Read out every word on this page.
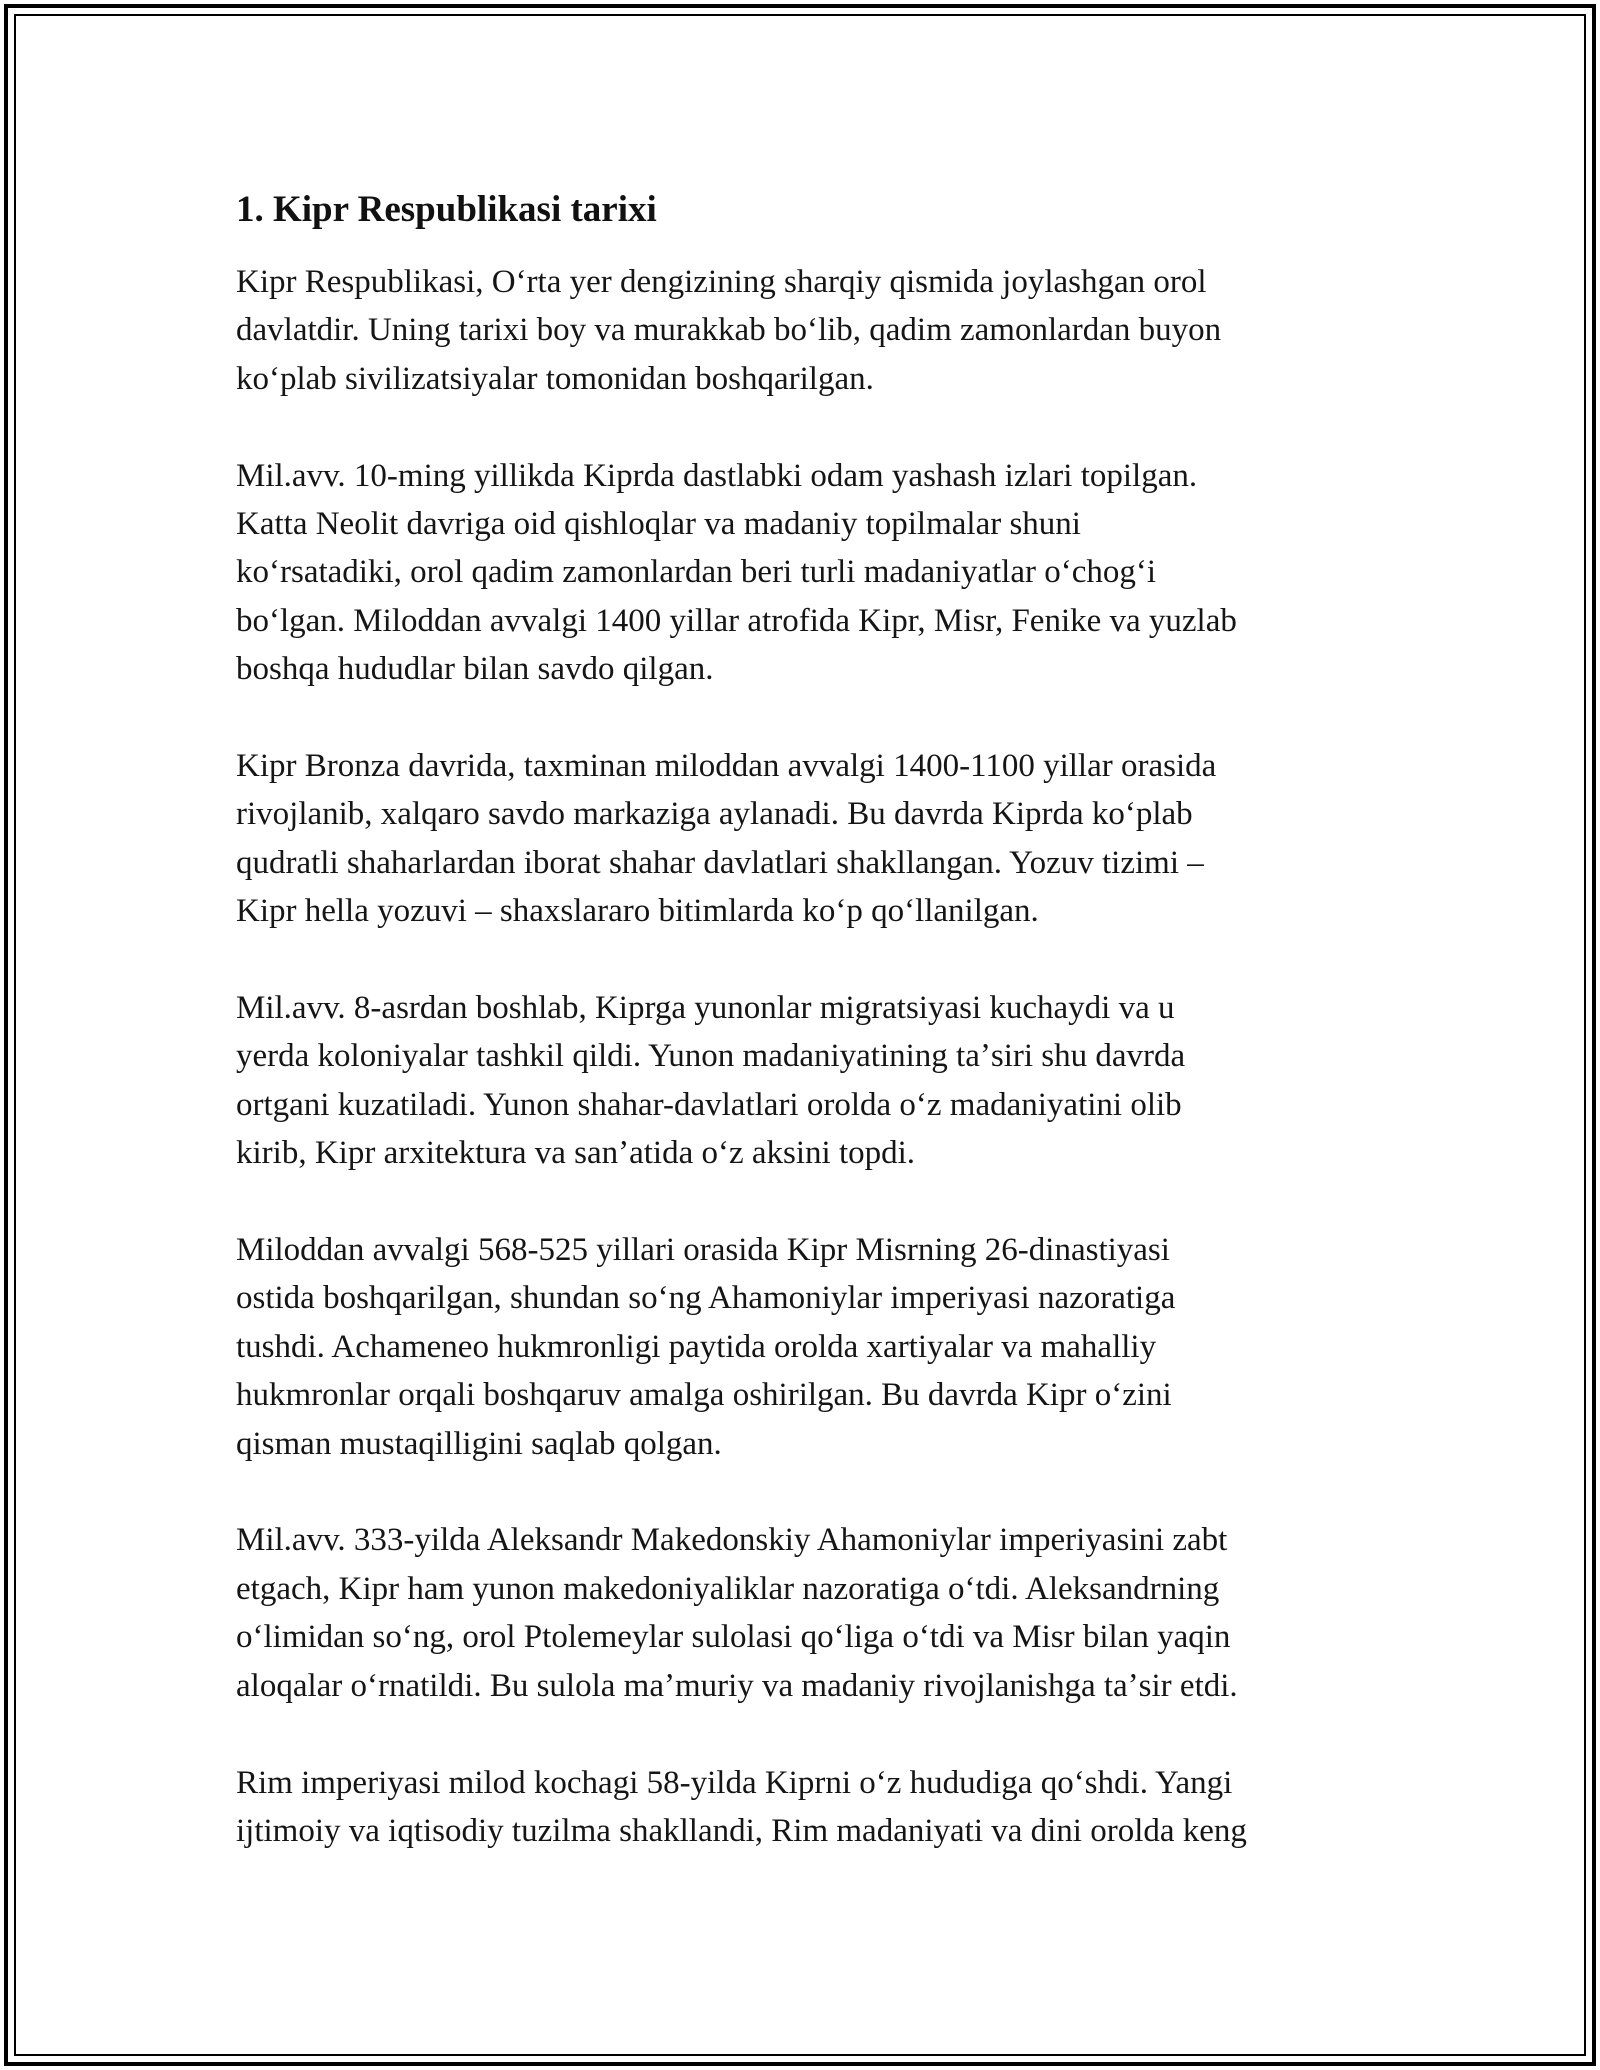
1. Kipr Respublikasi tarixi
Kipr Respublikasi, Oʻrta yer dengizining sharqiy qismida joylashgan orol
davlatdir. Uning tarixi boy va murakkab boʻlib, qadim zamonlardan buyon
koʻplab sivilizatsiyalar tomonidan boshqarilgan.
Mil.avv. 10-ming yillikda Kiprda dastlabki odam yashash izlari topilgan.
Katta Neolit davriga oid qishloqlar va madaniy topilmalar shuni
koʻrsatadiki, orol qadim zamonlardan beri turli madaniyatlar oʻchogʻi
boʻlgan. Miloddan avvalgi 1400 yillar atrofida Kipr, Misr, Fenike va yuzlab
boshqa hududlar bilan savdo qilgan.
Kipr Bronza davrida, taxminan miloddan avvalgi 1400-1100 yillar orasida
rivojlanib, xalqaro savdo markaziga aylanadi. Bu davrda Kiprda koʻplab
qudratli shaharlardan iborat shahar davlatlari shakllangan. Yozuv tizimi –
Kipr hella yozuvi – shaxslararo bitimlarda koʻp qoʻllanilgan.
Mil.avv. 8-asrdan boshlab, Kiprga yunonlar migratsiyasi kuchaydi va u
yerda koloniyalar tashkil qildi. Yunon madaniyatining taʼsiri shu davrda
ortgani kuzatiladi. Yunon shahar-davlatlari orolda oʻz madaniyatini olib
kirib, Kipr arxitektura va sanʼatida oʻz aksini topdi.
Miloddan avvalgi 568-525 yillari orasida Kipr Misrning 26-dinastiyasi
ostida boshqarilgan, shundan soʻng Ahamoniylar imperiyasi nazoratiga
tushdi. Achameneo hukmronligi paytida orolda xartiyalar va mahalliy
hukmronlar orqali boshqaruv amalga oshirilgan. Bu davrda Kipr oʻzini
qisman mustaqilligini saqlab qolgan.
Mil.avv. 333-yilda Aleksandr Makedonskiy Ahamoniylar imperiyasini zabt
etgach, Kipr ham yunon makedoniyaliklar nazoratiga oʻtdi. Aleksandrning
oʻlimidan soʻng, orol Ptolemeylar sulolasi qoʻliga oʻtdi va Misr bilan yaqin
aloqalar oʻrnatildi. Bu sulola maʼmuriy va madaniy rivojlanishga taʼsir etdi.
Rim imperiyasi milod kochagi 58-yilda Kiprni oʻz hududiga qoʻshdi. Yangi
ijtimoiy va iqtisodiy tuzilma shakllandi, Rim madaniyati va dini orolda keng
